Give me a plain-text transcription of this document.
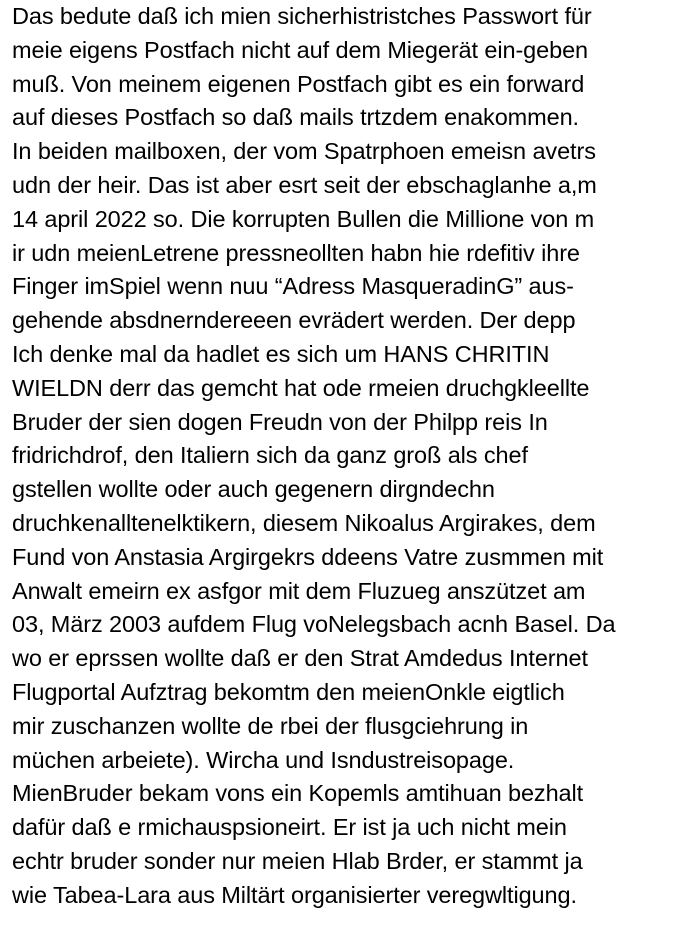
Das bedute daß ich mien sicherhistristches Passwort für
meie eigens Postfach nicht auf dem Miegerät ein-geben
muß. Von meinem eigenen Postfach gibt es ein forward
auf dieses Postfach so daß mails trtzdem enakommen.
In beiden mailboxen, der vom Spatrphoen emeisn avetrs
udn der heir. Das ist aber esrt seit der ebschaglanhe a,m
14 april 2022 so. Die korrupten Bullen die Millione von m
ir udn meienLetrene pressneollten habn hie rdefitiv ihre
Finger imSpiel wenn nuu “Adress MasqueradinG” aus-
gehende absdnerndereeen evrädert werden. Der depp
Ich denke mal da hadlet es sich um HANS CHRITIN
WIELDN derr das gemcht hat ode rmeien druchgkleellte
Bruder der sien dogen Freudn von der Philpp reis In
fridrichdrof, den Italiern sich da ganz groß als chef
gstellen wollte oder auch gegenern dirgndechn
druchkenalltenelktikern, diesem Nikoalus Argirakes, dem
Fund von Anstasia Argirgekrs ddeens Vatre zusmmen mit
Anwalt emeirn ex asfgor mit dem Fluzueg anszützet am
03, März 2003 aufdem Flug voNelegsbach acnh Basel. Da
wo er eprssen wollte daß er den Strat Amdedus Internet
Flugportal Aufztrag bekomtm den meienOnkle eigtlich
mir zuschanzen wollte de rbei der flusgciehrung in
müchen arbeiete). Wircha und Isndustreisopage.
MienBruder bekam vons ein Kopemls amtihuan bezhalt
dafür daß e rmichauspsioneirt. Er ist ja uch nicht mein
echtr bruder sonder nur meien Hlab Brder, er stammt ja
wie Tabea-Lara aus Miltärt organisierter veregwltigung.
